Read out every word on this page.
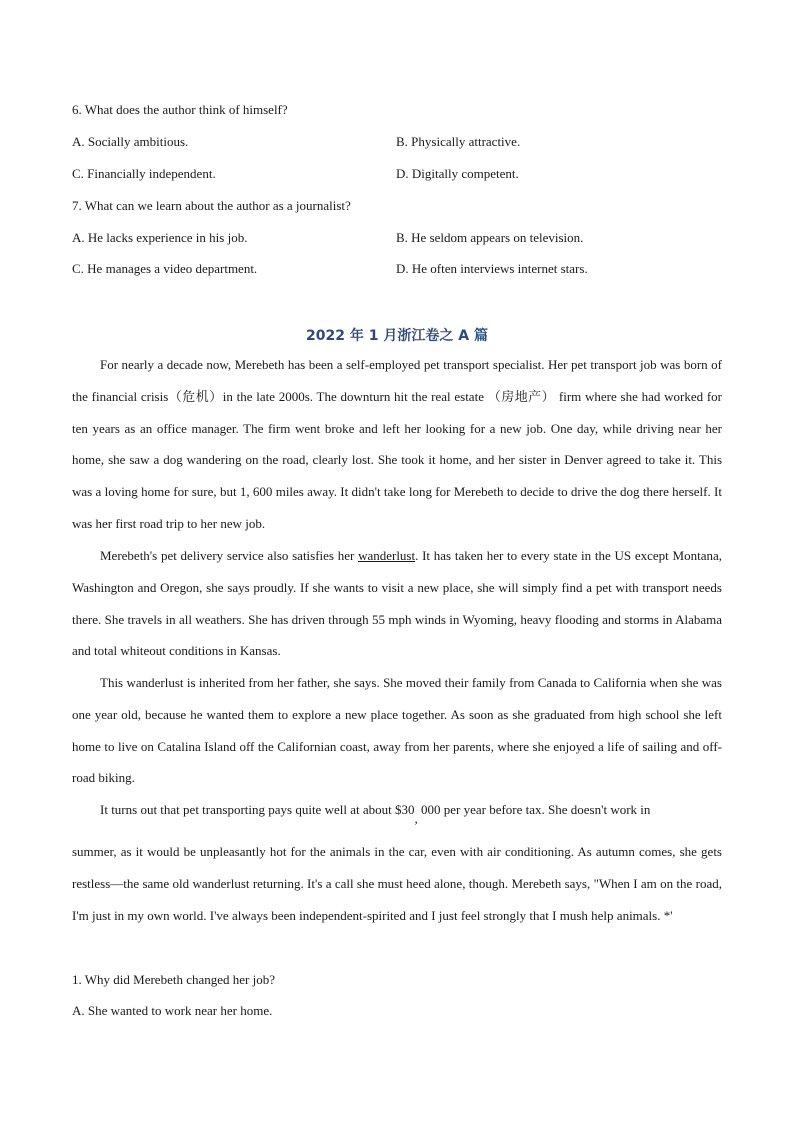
6. What does the author think of himself?
A. Socially ambitious.	B. Physically attractive.
C. Financially independent.	D. Digitally competent.
7. What can we learn about the author as a journalist?
A. He lacks experience in his job.	B. He seldom appears on television.
C. He manages a video department.	D. He often interviews internet stars.
2022 年 1 月浙江卷之 A 篇
For nearly a decade now, Merebeth has been a self-employed pet transport specialist. Her pet transport job was born of the financial crisis（危机）in the late 2000s. The downturn hit the real estate （房地产） firm where she had worked for ten years as an office manager. The firm went broke and left her looking for a new job. One day, while driving near her home, she saw a dog wandering on the road, clearly lost. She took it home, and her sister in Denver agreed to take it. This was a loving home for sure, but 1, 600 miles away. It didn't take long for Merebeth to decide to drive the dog there herself. It was her first road trip to her new job.
Merebeth's pet delivery service also satisfies her wanderlust. It has taken her to every state in the US except Montana, Washington and Oregon, she says proudly. If she wants to visit a new place, she will simply find a pet with transport needs there. She travels in all weathers. She has driven through 55 mph winds in Wyoming, heavy flooding and storms in Alabama and total whiteout conditions in Kansas.
This wanderlust is inherited from her father, she says. She moved their family from Canada to California when she was one year old, because he wanted them to explore a new place together. As soon as she graduated from high school she left home to live on Catalina Island off the Californian coast, away from her parents, where she enjoyed a life of sailing and off-road biking.
It turns out that pet transporting pays quite well at about $30, 000 per year before tax. She doesn't work in
summer, as it would be unpleasantly hot for the animals in the car, even with air conditioning. As autumn comes, she gets restless—the same old wanderlust returning. It's a call she must heed alone, though. Merebeth says, "When I am on the road, I'm just in my own world. I've always been independent-spirited and I just feel strongly that I mush help animals. *'
1. Why did Merebeth changed her job?
A. She wanted to work near her home.
